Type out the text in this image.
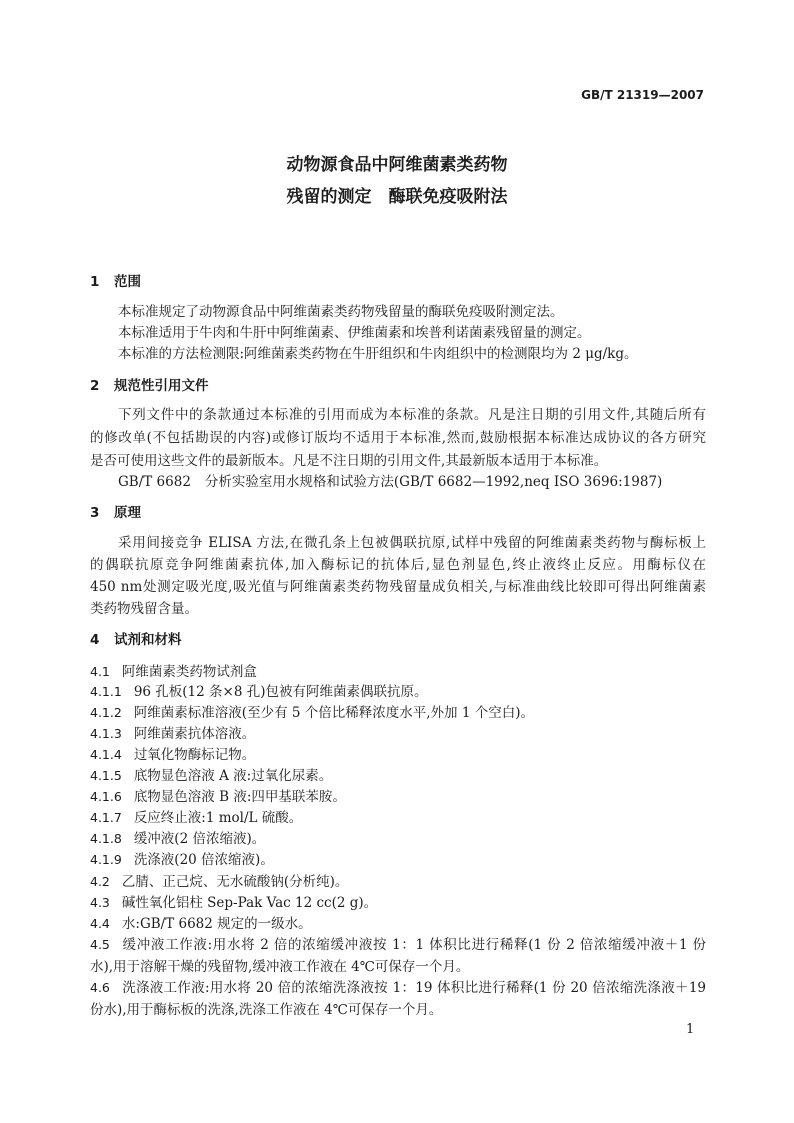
GB/T 21319—2007
动物源食品中阿维菌素类药物
残留的测定　酶联免疫吸附法
1 范围
本标准规定了动物源食品中阿维菌素类药物残留量的酶联免疫吸附测定法。
本标准适用于牛肉和牛肝中阿维菌素、伊维菌素和埃普利诺菌素残留量的测定。
本标准的方法检测限:阿维菌素类药物在牛肝组织和牛肉组织中的检测限均为 2 μg/kg。
2 规范性引用文件
下列文件中的条款通过本标准的引用而成为本标准的条款。凡是注日期的引用文件,其随后所有
的修改单(不包括勘误的内容)或修订版均不适用于本标准,然而,鼓励根据本标准达成协议的各方研究
是否可使用这些文件的最新版本。凡是不注日期的引用文件,其最新版本适用于本标准。
GB/T 6682 分析实验室用水规格和试验方法(GB/T 6682—1992,neq ISO 3696:1987)
3 原理
采用间接竞争 ELISA 方法,在微孔条上包被偶联抗原,试样中残留的阿维菌素类药物与酶标板上
的偶联抗原竞争阿维菌素抗体,加入酶标记的抗体后,显色剂显色,终止液终止反应。用酶标仪在
450 nm处测定吸光度,吸光值与阿维菌素类药物残留量成负相关,与标准曲线比较即可得出阿维菌素
类药物残留含量。
4 试剂和材料
4.1 阿维菌素类药物试剂盒
4.1.1 96 孔板(12 条×8 孔)包被有阿维菌素偶联抗原。
4.1.2 阿维菌素标准溶液(至少有 5 个倍比稀释浓度水平,外加 1 个空白)。
4.1.3 阿维菌素抗体溶液。
4.1.4 过氧化物酶标记物。
4.1.5 底物显色溶液 A 液:过氧化尿素。
4.1.6 底物显色溶液 B 液:四甲基联苯胺。
4.1.7 反应终止液:1 mol/L 硫酸。
4.1.8 缓冲液(2 倍浓缩液)。
4.1.9 洗涤液(20 倍浓缩液)。
4.2 乙腈、正己烷、无水硫酸钠(分析纯)。
4.3 碱性氧化铝柱 Sep-Pak Vac 12 cc(2 g)。
4.4 水:GB/T 6682 规定的一级水。
4.5 缓冲液工作液:用水将 2 倍的浓缩缓冲液按 1：1 体积比进行稀释(1 份 2 倍浓缩缓冲液＋1 份
水),用于溶解干燥的残留物,缓冲液工作液在 4℃可保存一个月。
4.6 洗涤液工作液:用水将 20 倍的浓缩洗涤液按 1：19 体积比进行稀释(1 份 20 倍浓缩洗涤液＋19
份水),用于酶标板的洗涤,洗涤工作液在 4℃可保存一个月。
1
